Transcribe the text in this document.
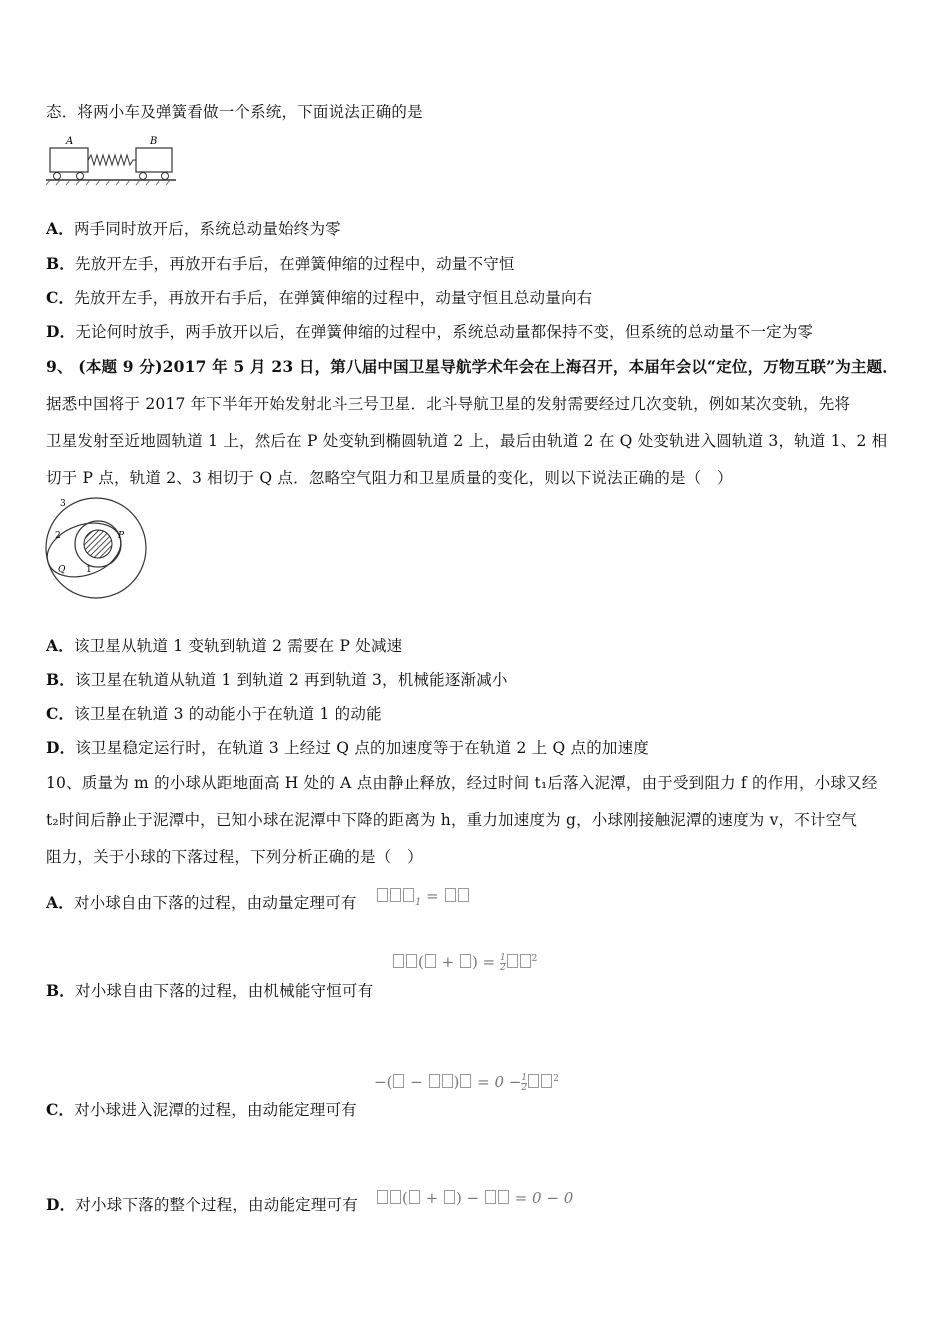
态．将两小车及弹簧看做一个系统，下面说法正确的是
A	B
A．两手同时放开后，系统总动量始终为零
B．先放开左手，再放开右手后，在弹簧伸缩的过程中，动量不守恒
C．先放开左手，再放开右手后，在弹簧伸缩的过程中，动量守恒且总动量向右
D．无论何时放手，两手放开以后，在弹簧伸缩的过程中，系统总动量都保持不变，但系统的总动量不一定为零
9、 (本题 9 分)2017 年 5 月 23 日，第八届中国卫星导航学术年会在上海召开，本届年会以“定位，万物互联”为主题．
据悉中国将于 2017 年下半年开始发射北斗三号卫星．北斗导航卫星的发射需要经过几次变轨，例如某次变轨，先将
卫星发射至近地圆轨道 1 上，然后在 P 处变轨到椭圆轨道 2 上，最后由轨道 2 在 Q 处变轨进入圆轨道 3，轨道 1、2 相
切于 P 点，轨道 2、3 相切于 Q 点．忽略空气阻力和卫星质量的变化，则以下说法正确的是（　）
3
2
1
P
Q
A．该卫星从轨道 1 变轨到轨道 2 需要在 P 处减速
B．该卫星在轨道从轨道 1 到轨道 2 再到轨道 3，机械能逐渐减小
C．该卫星在轨道 3 的动能小于在轨道 1 的动能
D．该卫星稳定运行时，在轨道 3 上经过 Q 点的加速度等于在轨道 2 上 Q 点的加速度
10、质量为 m 的小球从距地面高 H 处的 A 点由静止释放，经过时间 t₁后落入泥潭，由于受到阻力 f 的作用，小球又经
t₂时间后静止于泥潭中，已知小球在泥潭中下降的距离为 h，重力加速度为 g，小球刚接触泥潭的速度为 v，不计空气
阻力，关于小球的下落过程，下列分析正确的是（　）
A．对小球自由下落的过程，由动量定理可有	$_1$ =
( + ) = $\frac{1}{2}$	$^2$
B．对小球自由下落的过程，由机械能守恒可有
−( − ) = $0 - \frac{1}{2}$	$^2$
C．对小球进入泥潭的过程，由动能定理可有
D．对小球下落的整个过程，由动能定理可有	( + ) −  = 0 − 0
